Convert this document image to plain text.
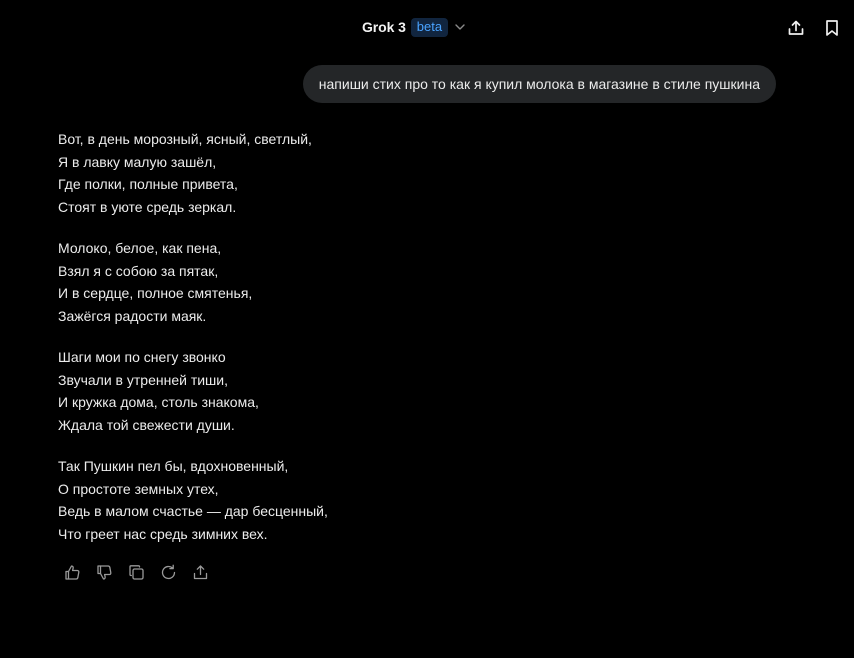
Grok 3 beta
напиши стих про то как я купил молока в магазине в стиле пушкина
Вот, в день морозный, ясный, светлый,
Я в лавку малую зашёл,
Где полки, полные привета,
Стоят в уюте средь зеркал.
Молоко, белое, как пена,
Взял я с собою за пятак,
И в сердце, полное смятенья,
Зажёгся радости маяк.
Шаги мои по снегу звонко
Звучали в утренней тиши,
И кружка дома, столь знакома,
Ждала той свежести души.
Так Пушкин пел бы, вдохновенный,
О простоте земных утех,
Ведь в малом счастье — дар бесценный,
Что греет нас средь зимних вех.
